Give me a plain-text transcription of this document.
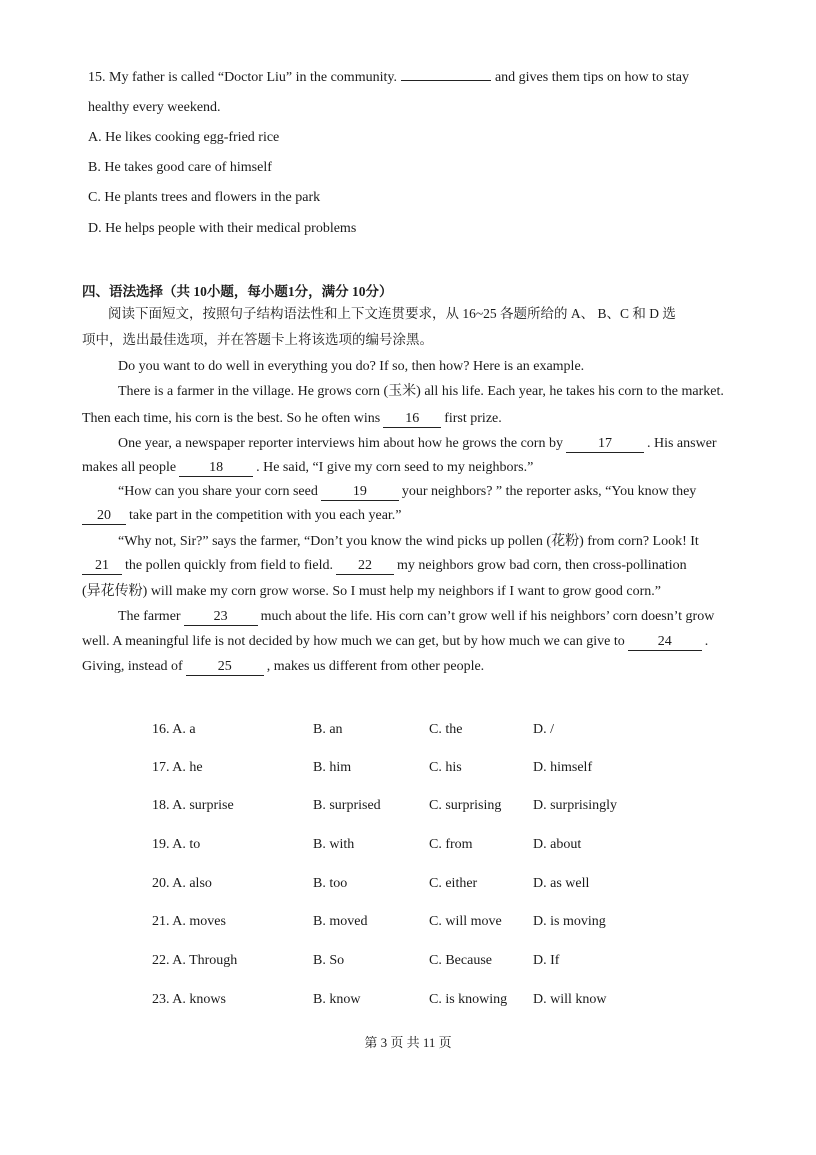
15. My father is called “Doctor Liu” in the community.	and gives them tips on how to stay
healthy every weekend.
A. He likes cooking egg-fried rice
B. He takes good care of himself
C. He plants trees and flowers in the park
D. He helps people with their medical problems
四、语法选择（共 10小题，每小题1分，满分 10分）
阅读下面短文，按照句子结构语法性和上下文连贯要求，从 16~25 各题所给的 A、 B、C 和 D 选
项中，选出最佳选项，并在答题卡上将该选项的编号涂黑。
Do you want to do well in everything you do? If so, then how? Here is an example.
There is a farmer in the village. He grows corn (玉米) all his life. Each year, he takes his corn to the market.
Then each time, his corn is the best. So he often wins 16 first prize.
One year, a newspaper reporter interviews him about how he grows the corn by	17	. His answer
makes all people 18 . He said, “I give my corn seed to my neighbors.”
“How can you share your corn seed	19	your neighbors? ” the reporter asks, “You know they
20 take part in the competition with you each year.”
“Why not, Sir?” says the farmer, “Don’t you know the wind picks up pollen (花粉) from corn? Look! It
21 the pollen quickly from field to field. 22 my neighbors grow bad corn, then cross-pollination
(异花传粉) will make my corn grow worse. So I must help my neighbors if I want to grow good corn.”
The farmer 23 much about the life. His corn can’t grow well if his neighbors’ corn doesn’t grow
well. A meaningful life is not decided by how much we can get, but by how much we can give to 24 .
Giving, instead of	25	, makes us different from other people.
16. A. a	B. an	C. the	D. /
17. A. he	B. him	C. his	D. himself
18. A. surprise	B. surprised	C. surprising D. surprisingly
19. A. to	B. with	C. from	D. about
20. A. also	B. too	C. either	D. as well
21. A. moves	B. moved	C. will move D. is moving
22. A. Through	B. So	C. Because	D. If
23. A. knows	B. know	C. is knowing D. will know
第 3 页 共 11 页
